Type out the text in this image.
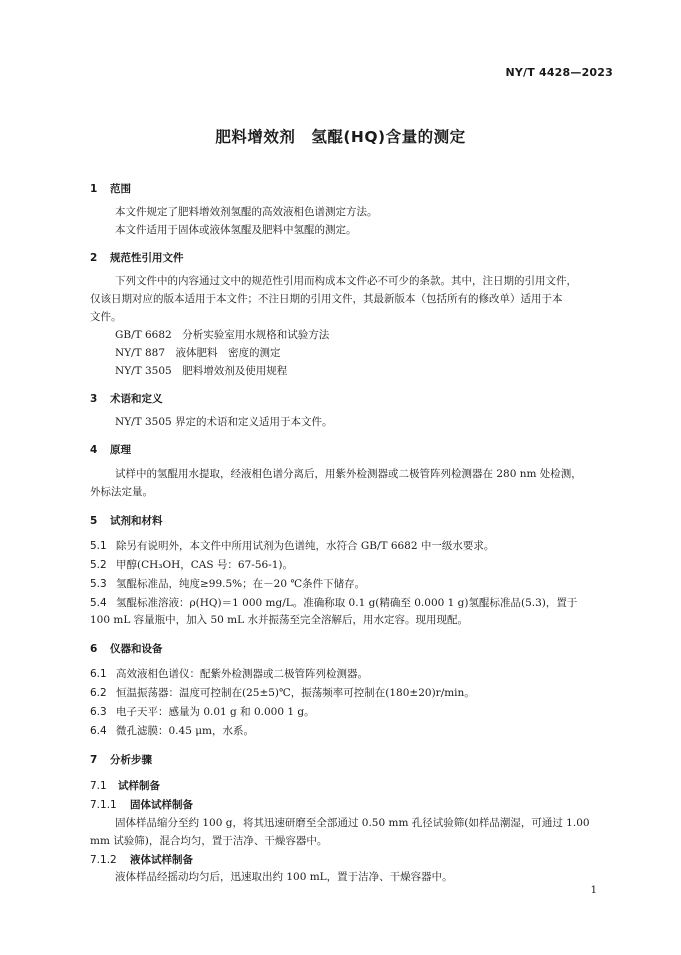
NY/T 4428—2023
肥料增效剂　氢醌(HQ)含量的测定
1 范围
本文件规定了肥料增效剂氢醌的高效液相色谱测定方法。
本文件适用于固体或液体氢醌及肥料中氢醌的测定。
2 规范性引用文件
下列文件中的内容通过文中的规范性引用而构成本文件必不可少的条款。其中，注日期的引用文件，
仅该日期对应的版本适用于本文件；不注日期的引用文件，其最新版本（包括所有的修改单）适用于本
文件。
GB/T 6682　分析实验室用水规格和试验方法
NY/T 887　液体肥料　密度的测定
NY/T 3505　肥料增效剂及使用规程
3 术语和定义
NY/T 3505 界定的术语和定义适用于本文件。
4 原理
试样中的氢醌用水提取，经液相色谱分离后，用紫外检测器或二极管阵列检测器在 280 nm 处检测，
外标法定量。
5 试剂和材料
5.1 除另有说明外，本文件中所用试剂为色谱纯，水符合 GB/T 6682 中一级水要求。
5.2 甲醇(CH₃OH，CAS 号：67-56-1)。
5.3 氢醌标准品，纯度≥99.5%；在－20 ℃条件下储存。
5.4 氢醌标准溶液：ρ(HQ)＝1 000 mg/L。准确称取 0.1 g(精确至 0.000 1 g)氢醌标准品(5.3)，置于
100 mL 容量瓶中，加入 50 mL 水并振荡至完全溶解后，用水定容。现用现配。
6 仪器和设备
6.1 高效液相色谱仪：配紫外检测器或二极管阵列检测器。
6.2 恒温振荡器：温度可控制在(25±5)℃，振荡频率可控制在(180±20)r/min。
6.3 电子天平：感量为 0.01 g 和 0.000 1 g。
6.4 微孔滤膜：0.45 μm，水系。
7 分析步骤
7.1 试样制备
7.1.1 固体试样制备
固体样品缩分至约 100 g，将其迅速研磨至全部通过 0.50 mm 孔径试验筛(如样品潮湿，可通过 1.00
mm 试验筛)，混合均匀，置于洁净、干燥容器中。
7.1.2 液体试样制备
液体样品经摇动均匀后，迅速取出约 100 mL，置于洁净、干燥容器中。
1
